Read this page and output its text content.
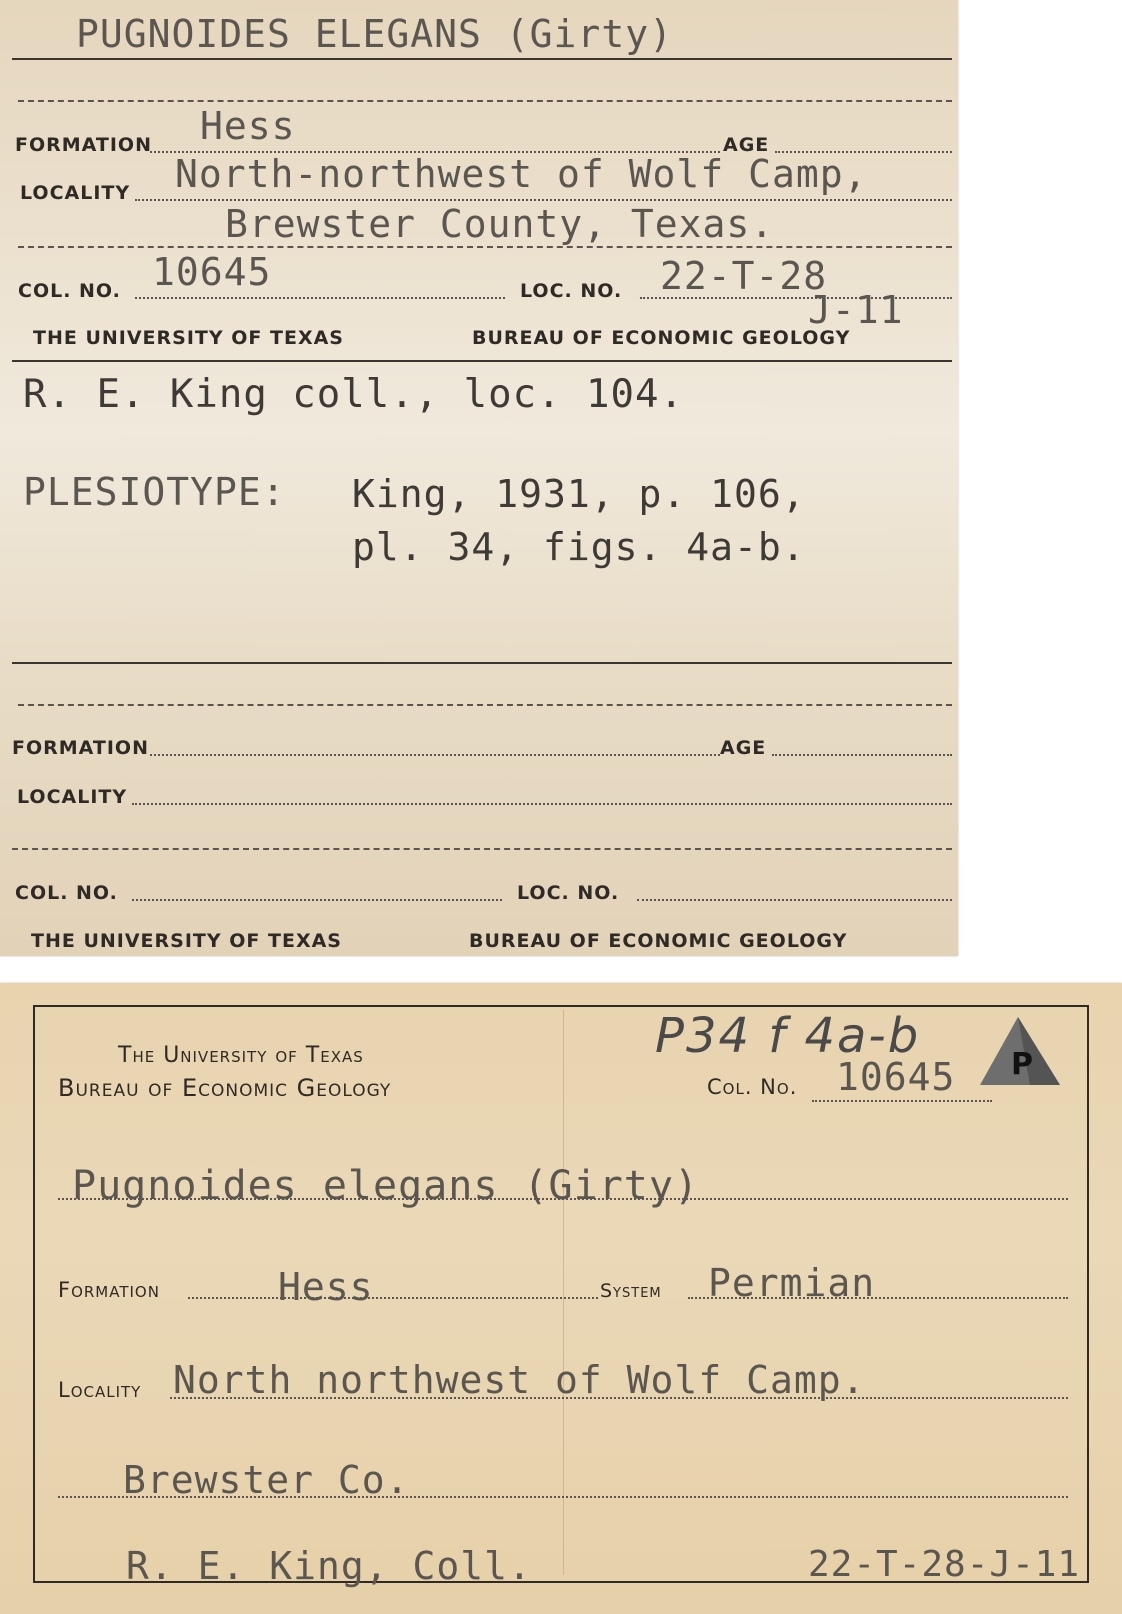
PUGNOIDES ELEGANS (Girty)
FORMATION Hess	AGE
LOCALITY North-northwest of Wolf Camp,
Brewster County, Texas.
COL. NO. 10645	LOC. NO. 22-T-28
J-11
THE UNIVERSITY OF TEXAS	BUREAU OF ECONOMIC GEOLOGY
R. E. King coll., loc. 104.
PLESIOTYPE: King, 1931, p. 106,
pl. 34, figs. 4a-b.
FORMATION	AGE
LOCALITY
COL. NO.	LOC. NO.
THE UNIVERSITY OF TEXAS	BUREAU OF ECONOMIC GEOLOGY
The University of Texas
Bureau of Economic Geology
P34 f 4a-b
Col. No. 10645 P
Pugnoides elegans (Girty)
Formation	Hess	System Permian
Locality North northwest of Wolf Camp.
Brewster Co.
R. E. King, Coll.	22-T-28-J-11
